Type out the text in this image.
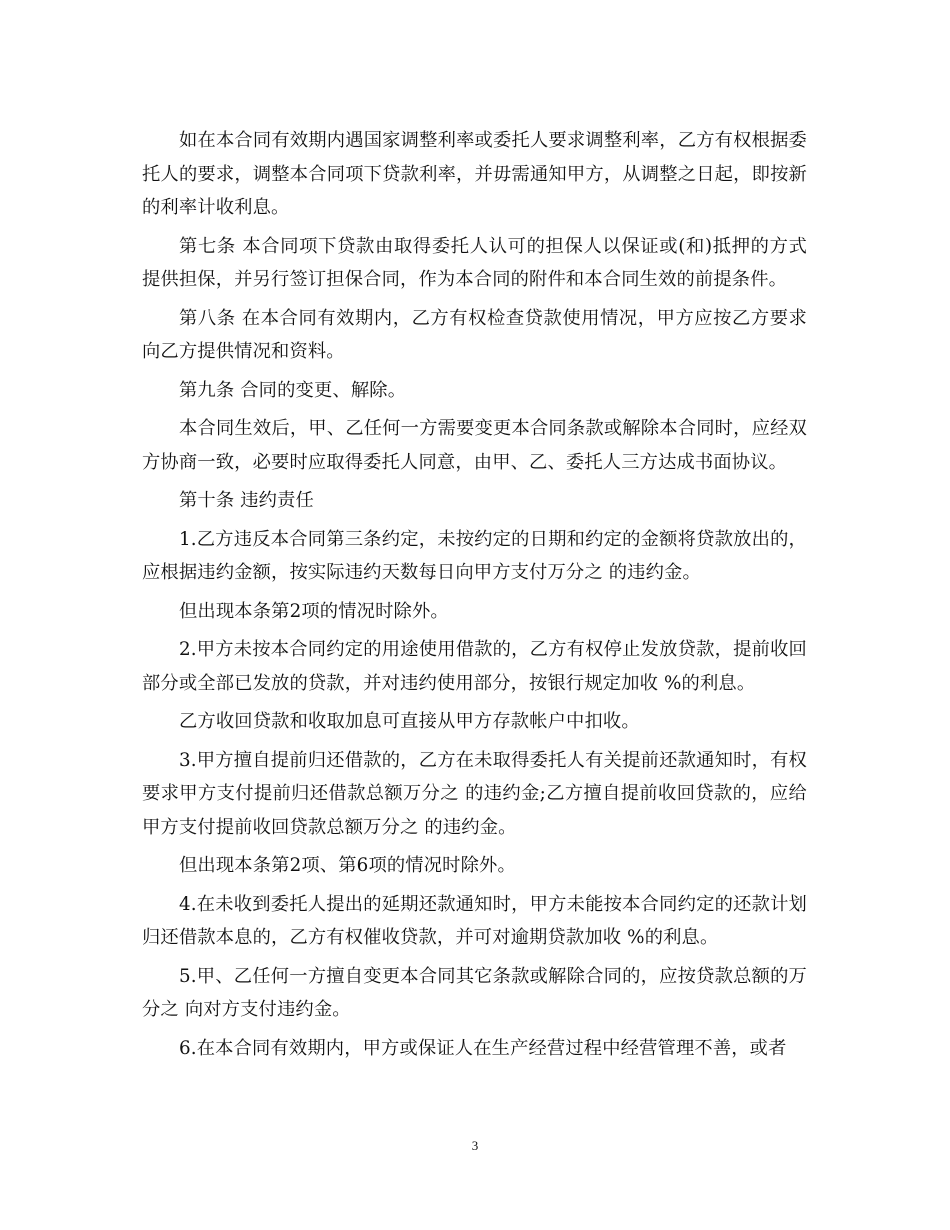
如在本合同有效期内遇国家调整利率或委托人要求调整利率，乙方有权根据委托人的要求，调整本合同项下贷款利率，并毋需通知甲方，从调整之日起，即按新的利率计收利息。

第七条 本合同项下贷款由取得委托人认可的担保人以保证或(和)抵押的方式提供担保，并另行签订担保合同，作为本合同的附件和本合同生效的前提条件。

第八条 在本合同有效期内，乙方有权检查贷款使用情况，甲方应按乙方要求向乙方提供情况和资料。

第九条 合同的变更、解除。

本合同生效后，甲、乙任何一方需要变更本合同条款或解除本合同时，应经双方协商一致，必要时应取得委托人同意，由甲、乙、委托人三方达成书面协议。

第十条 违约责任

1.乙方违反本合同第三条约定，未按约定的日期和约定的金额将贷款放出的，应根据违约金额，按实际违约天数每日向甲方支付万分之 的违约金。

但出现本条第2项的情况时除外。

2.甲方未按本合同约定的用途使用借款的，乙方有权停止发放贷款，提前收回部分或全部已发放的贷款，并对违约使用部分，按银行规定加收 %的利息。

乙方收回贷款和收取加息可直接从甲方存款帐户中扣收。

3.甲方擅自提前归还借款的，乙方在未取得委托人有关提前还款通知时，有权要求甲方支付提前归还借款总额万分之 的违约金;乙方擅自提前收回贷款的，应给甲方支付提前收回贷款总额万分之 的违约金。

但出现本条第2项、第6项的情况时除外。

4.在未收到委托人提出的延期还款通知时，甲方未能按本合同约定的还款计划归还借款本息的，乙方有权催收贷款，并可对逾期贷款加收 %的利息。

5.甲、乙任何一方擅自变更本合同其它条款或解除合同的，应按贷款总额的万分之 向对方支付违约金。

6.在本合同有效期内，甲方或保证人在生产经营过程中经营管理不善，或者

3
